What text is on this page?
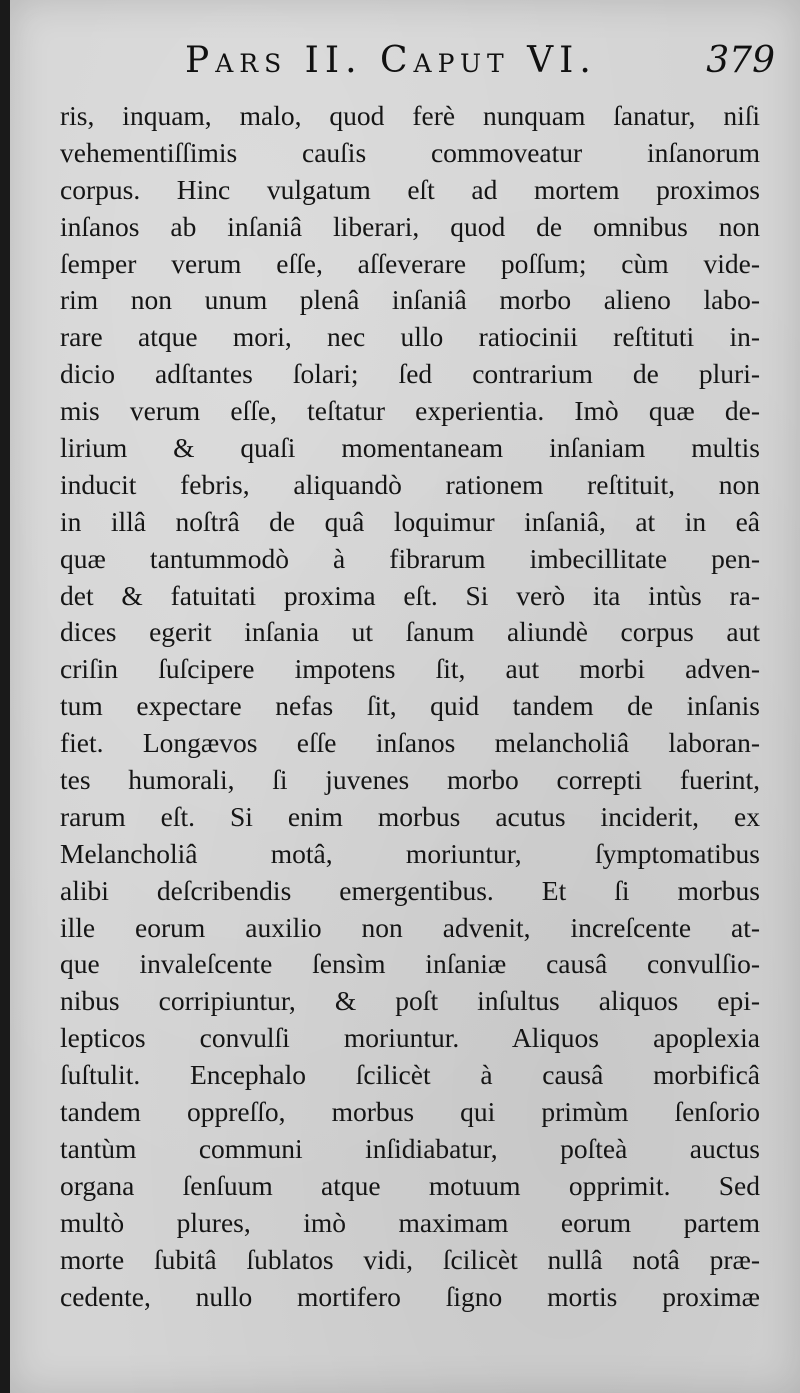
Pars II. Caput VI.	379
ris, inquam, malo, quod ferè nunquam ſanatur, niſi
vehementiſſimis cauſis commoveatur inſanorum
corpus. Hinc vulgatum eſt ad mortem proximos
inſanos ab inſaniâ liberari, quod de omnibus non
ſemper verum eſſe, aſſeverare poſſum; cùm vide-
rim non unum plenâ inſaniâ morbo alieno labo-
rare atque mori, nec ullo ratiocinii reſtituti in-
dicio adſtantes ſolari; ſed contrarium de pluri-
mis verum eſſe, teſtatur experientia. Imò quæ de-
lirium & quaſi momentaneam inſaniam multis
inducit febris, aliquandò rationem reſtituit, non
in illâ noſtrâ de quâ loquimur inſaniâ, at in eâ
quæ tantummodò à fibrarum imbecillitate pen-
det & fatuitati proxima eſt. Si verò ita intùs ra-
dices egerit inſania ut ſanum aliundè corpus aut
criſin ſuſcipere impotens ſit, aut morbi adven-
tum expectare nefas ſit, quid tandem de inſanis
fiet. Longævos eſſe inſanos melancholiâ laboran-
tes humorali, ſi juvenes morbo correpti fuerint,
rarum eſt. Si enim morbus acutus inciderit, ex
Melancholiâ motâ, moriuntur, ſymptomatibus
alibi deſcribendis emergentibus. Et ſi morbus
ille eorum auxilio non advenit, increſcente at-
que invaleſcente ſensìm inſaniæ causâ convulſio-
nibus corripiuntur, & poſt inſultus aliquos epi-
lepticos convulſi moriuntur. Aliquos apoplexia
ſuſtulit. Encephalo ſcilicèt à causâ morbificâ
tandem oppreſſo, morbus qui primùm ſenſorio
tantùm communi inſidiabatur, poſteà auctus
organa ſenſuum atque motuum opprimit. Sed
multò plures, imò maximam eorum partem
morte ſubitâ ſublatos vidi, ſcilicèt nullâ notâ præ-
cedente, nullo mortifero ſigno mortis proximæ
